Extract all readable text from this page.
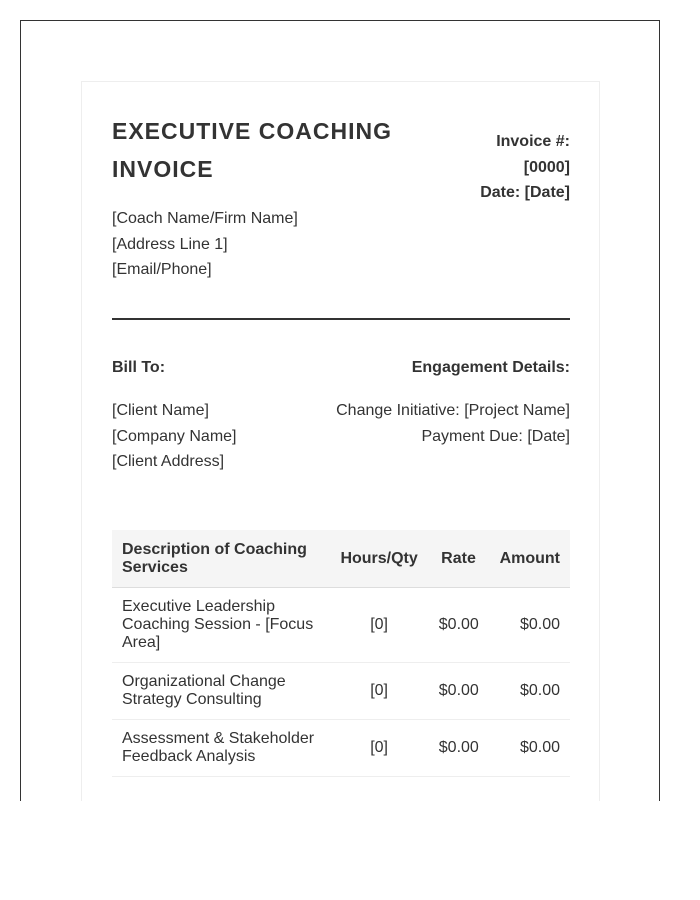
EXECUTIVE COACHING
INVOICE
Invoice #:
[0000]
Date: [Date]
[Coach Name/Firm Name]
[Address Line 1]
[Email/Phone]
Bill To:	Engagement Details:
[Client Name]
[Company Name]
[Client Address]
Change Initiative: [Project Name]
Payment Due: [Date]
Description of Coaching Services	Hours/Qty	Rate	Amount
Executive Leadership Coaching Session - [Focus Area]	[0]	$0.00	$0.00
Organizational Change Strategy Consulting	[0]	$0.00	$0.00
Assessment & Stakeholder Feedback Analysis	[0]	$0.00	$0.00
